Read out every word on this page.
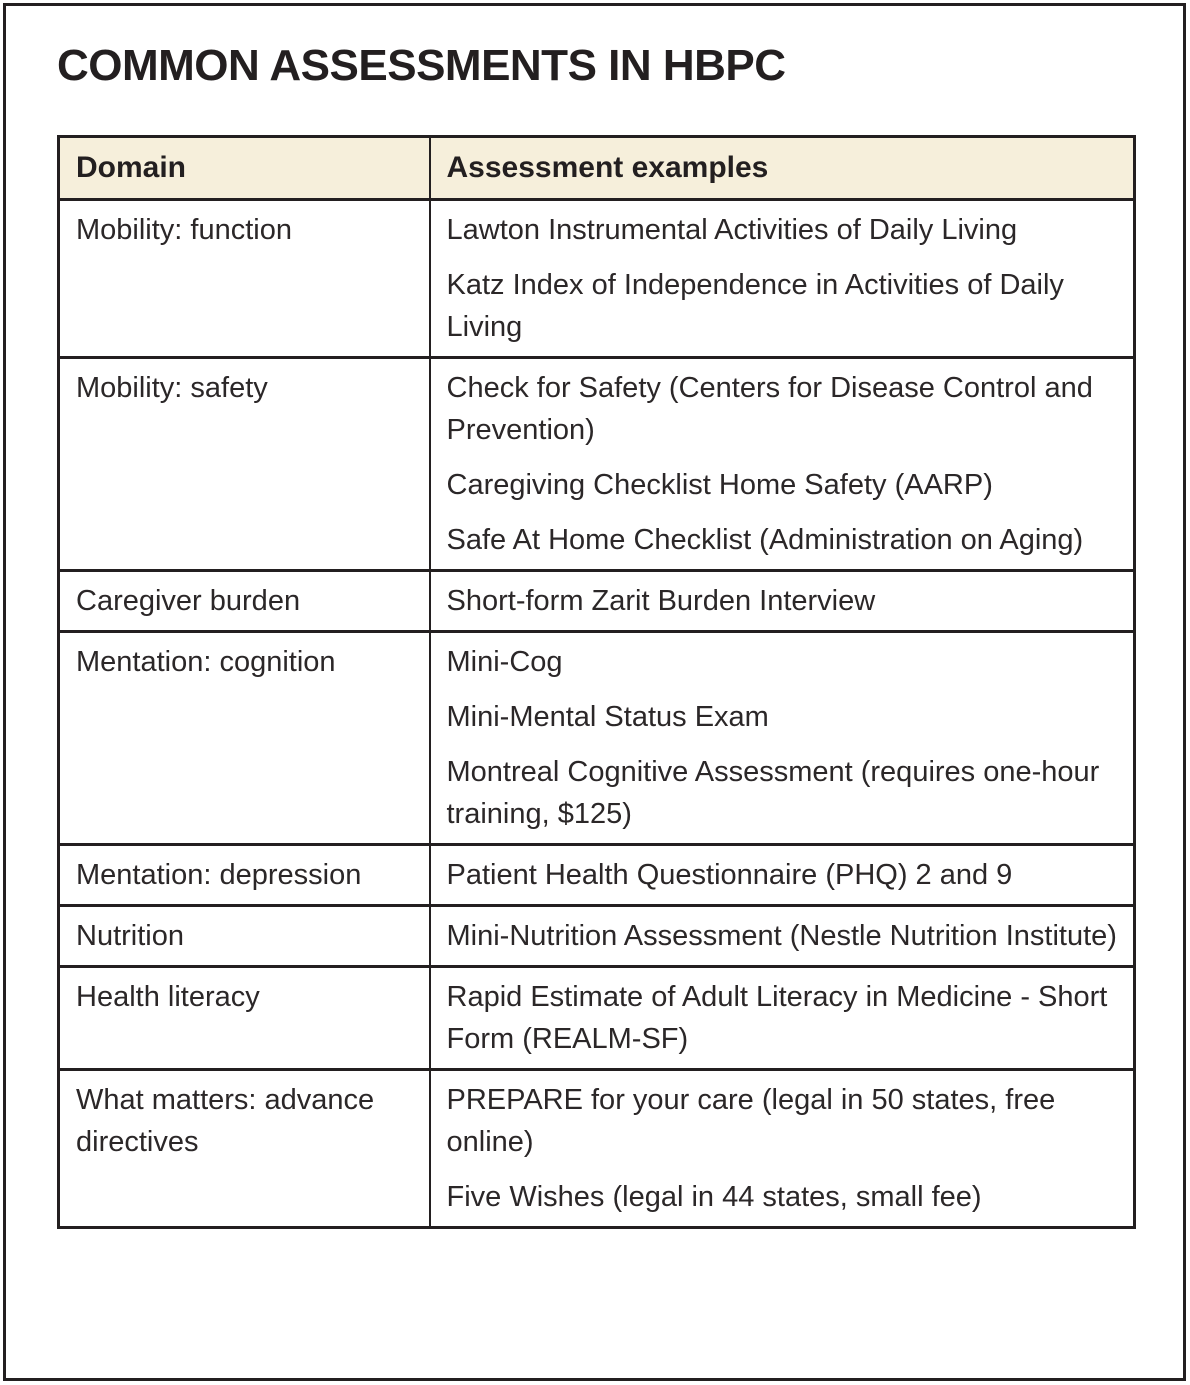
COMMON ASSESSMENTS IN HBPC
Domain	Assessment examples
Mobility: function	Lawton Instrumental Activities of Daily Living

Katz Index of Independence in Activities of Daily Living

Mobility: safety	Check for Safety (Centers for Disease Control and Prevention)

Caregiving Checklist Home Safety (AARP)

Safe At Home Checklist (Administration on Aging)

Caregiver burden	Short-form Zarit Burden Interview

Mentation: cognition	Mini-Cog

Mini-Mental Status Exam

Montreal Cognitive Assessment (requires one-hour training, $125)

Mentation: depression	Patient Health Questionnaire (PHQ) 2 and 9

Nutrition	Mini-Nutrition Assessment (Nestle Nutrition Institute)

Health literacy	Rapid Estimate of Adult Literacy in Medicine - Short Form (REALM-SF)

What matters: advance directives	PREPARE for your care (legal in 50 states, free online)

Five Wishes (legal in 44 states, small fee)
